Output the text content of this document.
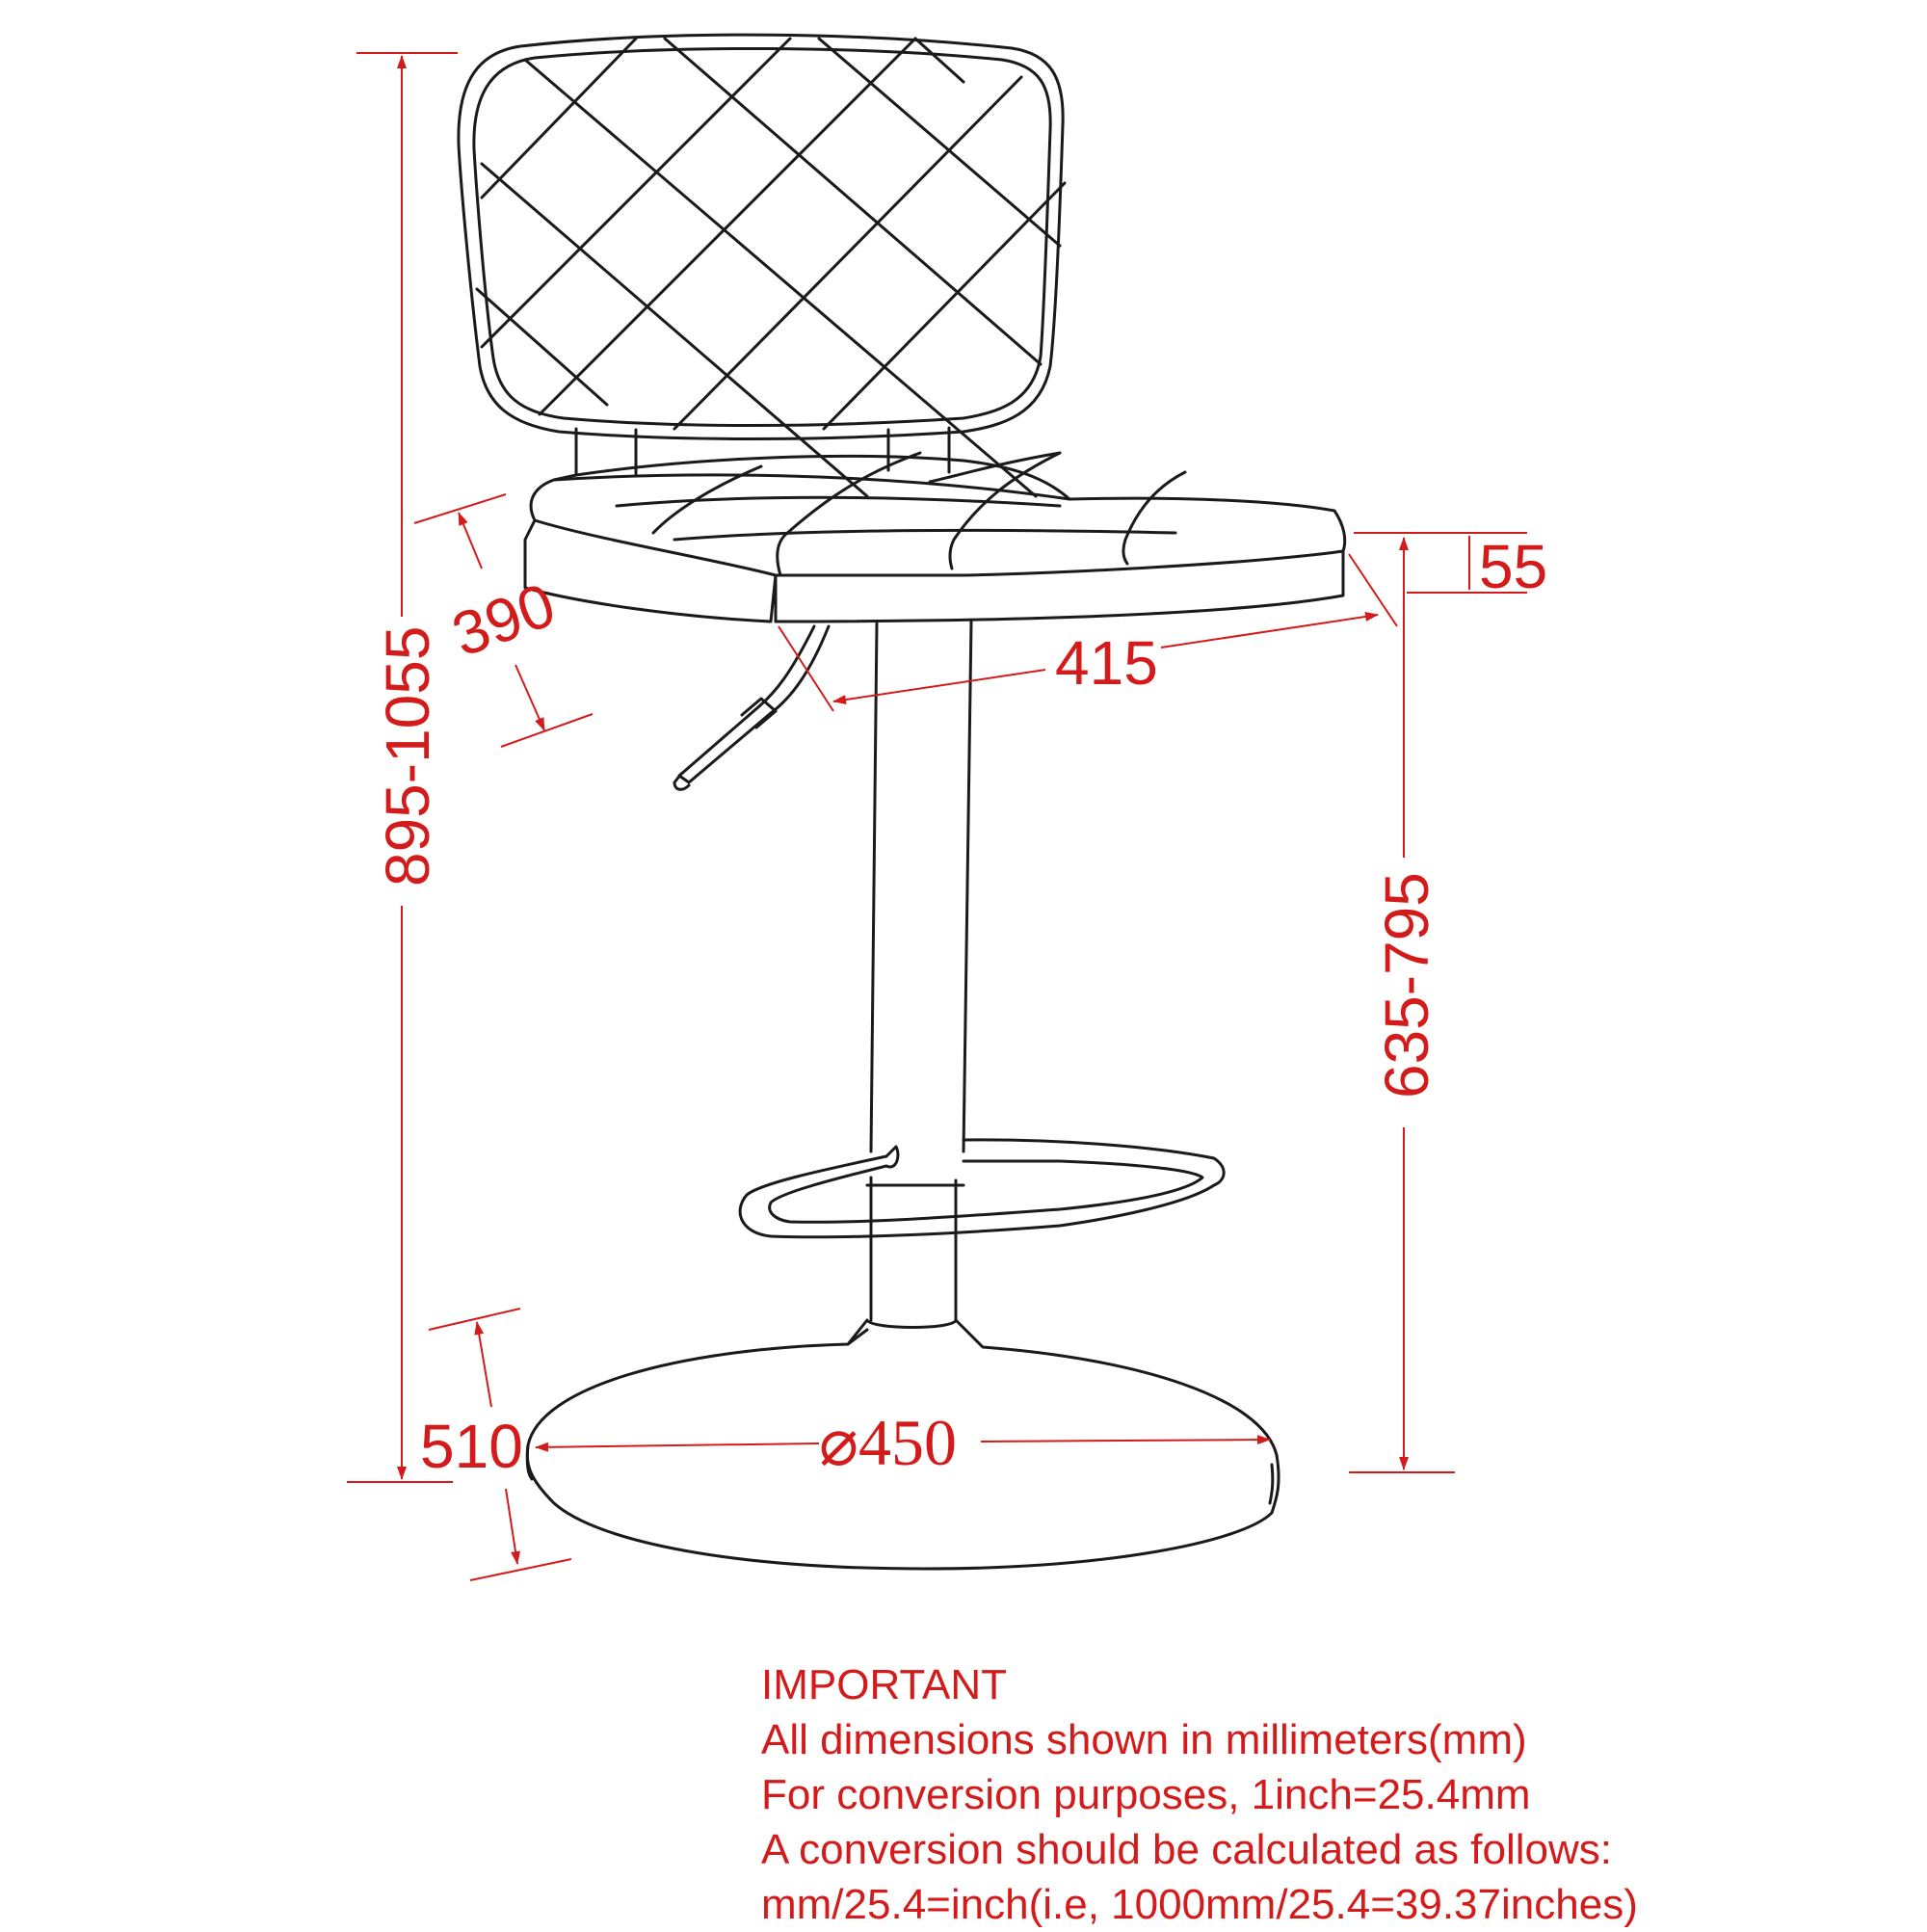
895-1055
390
55
415
635-795
510	⌀450
IMPORTANT
All dimensions shown in millimeters(mm)
For conversion purposes, 1inch=25.4mm
A conversion should be calculated as follows:
mm/25.4=inch(i.e, 1000mm/25.4=39.37inches)
